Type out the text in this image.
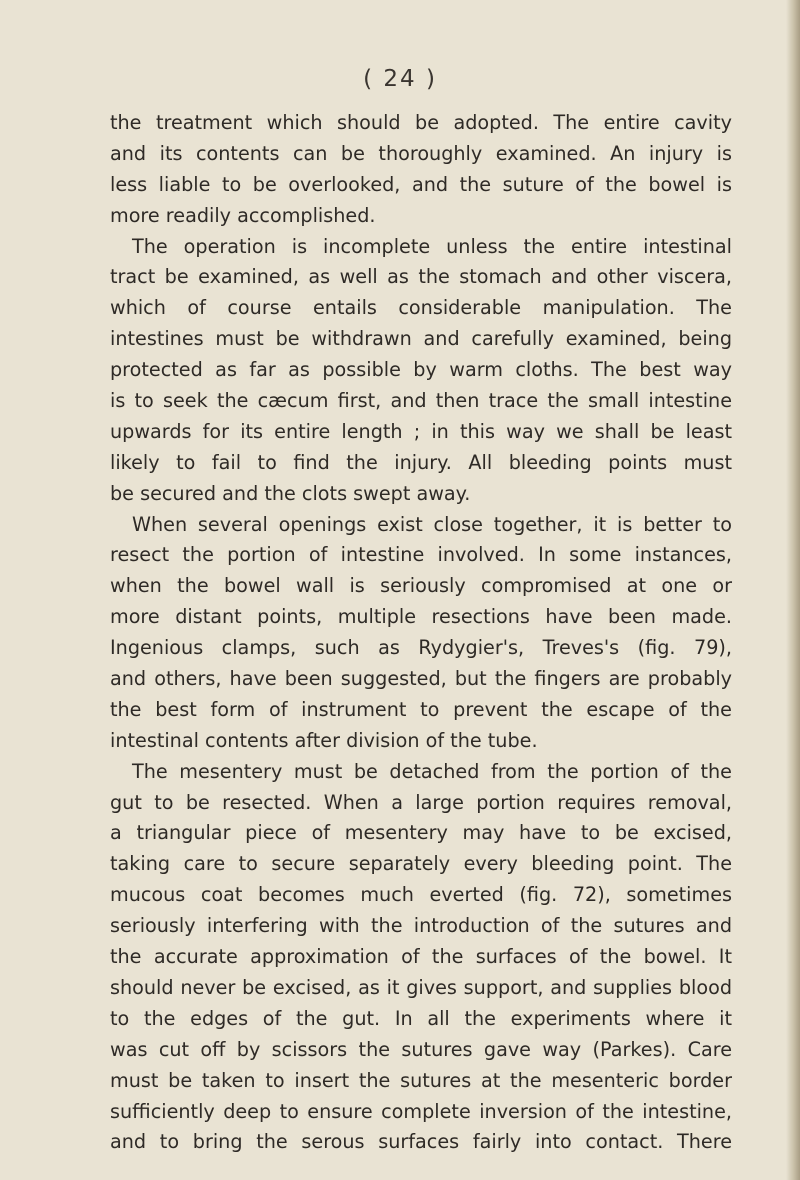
( 24 )
the treatment which should be adopted. The entire cavity
and its contents can be thoroughly examined. An injury is
less liable to be overlooked, and the suture of the bowel is
more readily accomplished.
The operation is incomplete unless the entire intestinal
tract be examined, as well as the stomach and other viscera,
which of course entails considerable manipulation. The
intestines must be withdrawn and carefully examined, being
protected as far as possible by warm cloths. The best way
is to seek the cæcum first, and then trace the small intestine
upwards for its entire length ; in this way we shall be least
likely to fail to find the injury. All bleeding points must
be secured and the clots swept away.
When several openings exist close together, it is better to
resect the portion of intestine involved. In some instances,
when the bowel wall is seriously compromised at one or
more distant points, multiple resections have been made.
Ingenious clamps, such as Rydygier's, Treves's (fig. 79),
and others, have been suggested, but the fingers are probably
the best form of instrument to prevent the escape of the
intestinal contents after division of the tube.
The mesentery must be detached from the portion of the
gut to be resected. When a large portion requires removal,
a triangular piece of mesentery may have to be excised,
taking care to secure separately every bleeding point. The
mucous coat becomes much everted (fig. 72), sometimes
seriously interfering with the introduction of the sutures and
the accurate approximation of the surfaces of the bowel. It
should never be excised, as it gives support, and supplies blood
to the edges of the gut. In all the experiments where it
was cut off by scissors the sutures gave way (Parkes). Care
must be taken to insert the sutures at the mesenteric border
sufficiently deep to ensure complete inversion of the intestine,
and to bring the serous surfaces fairly into contact. There
